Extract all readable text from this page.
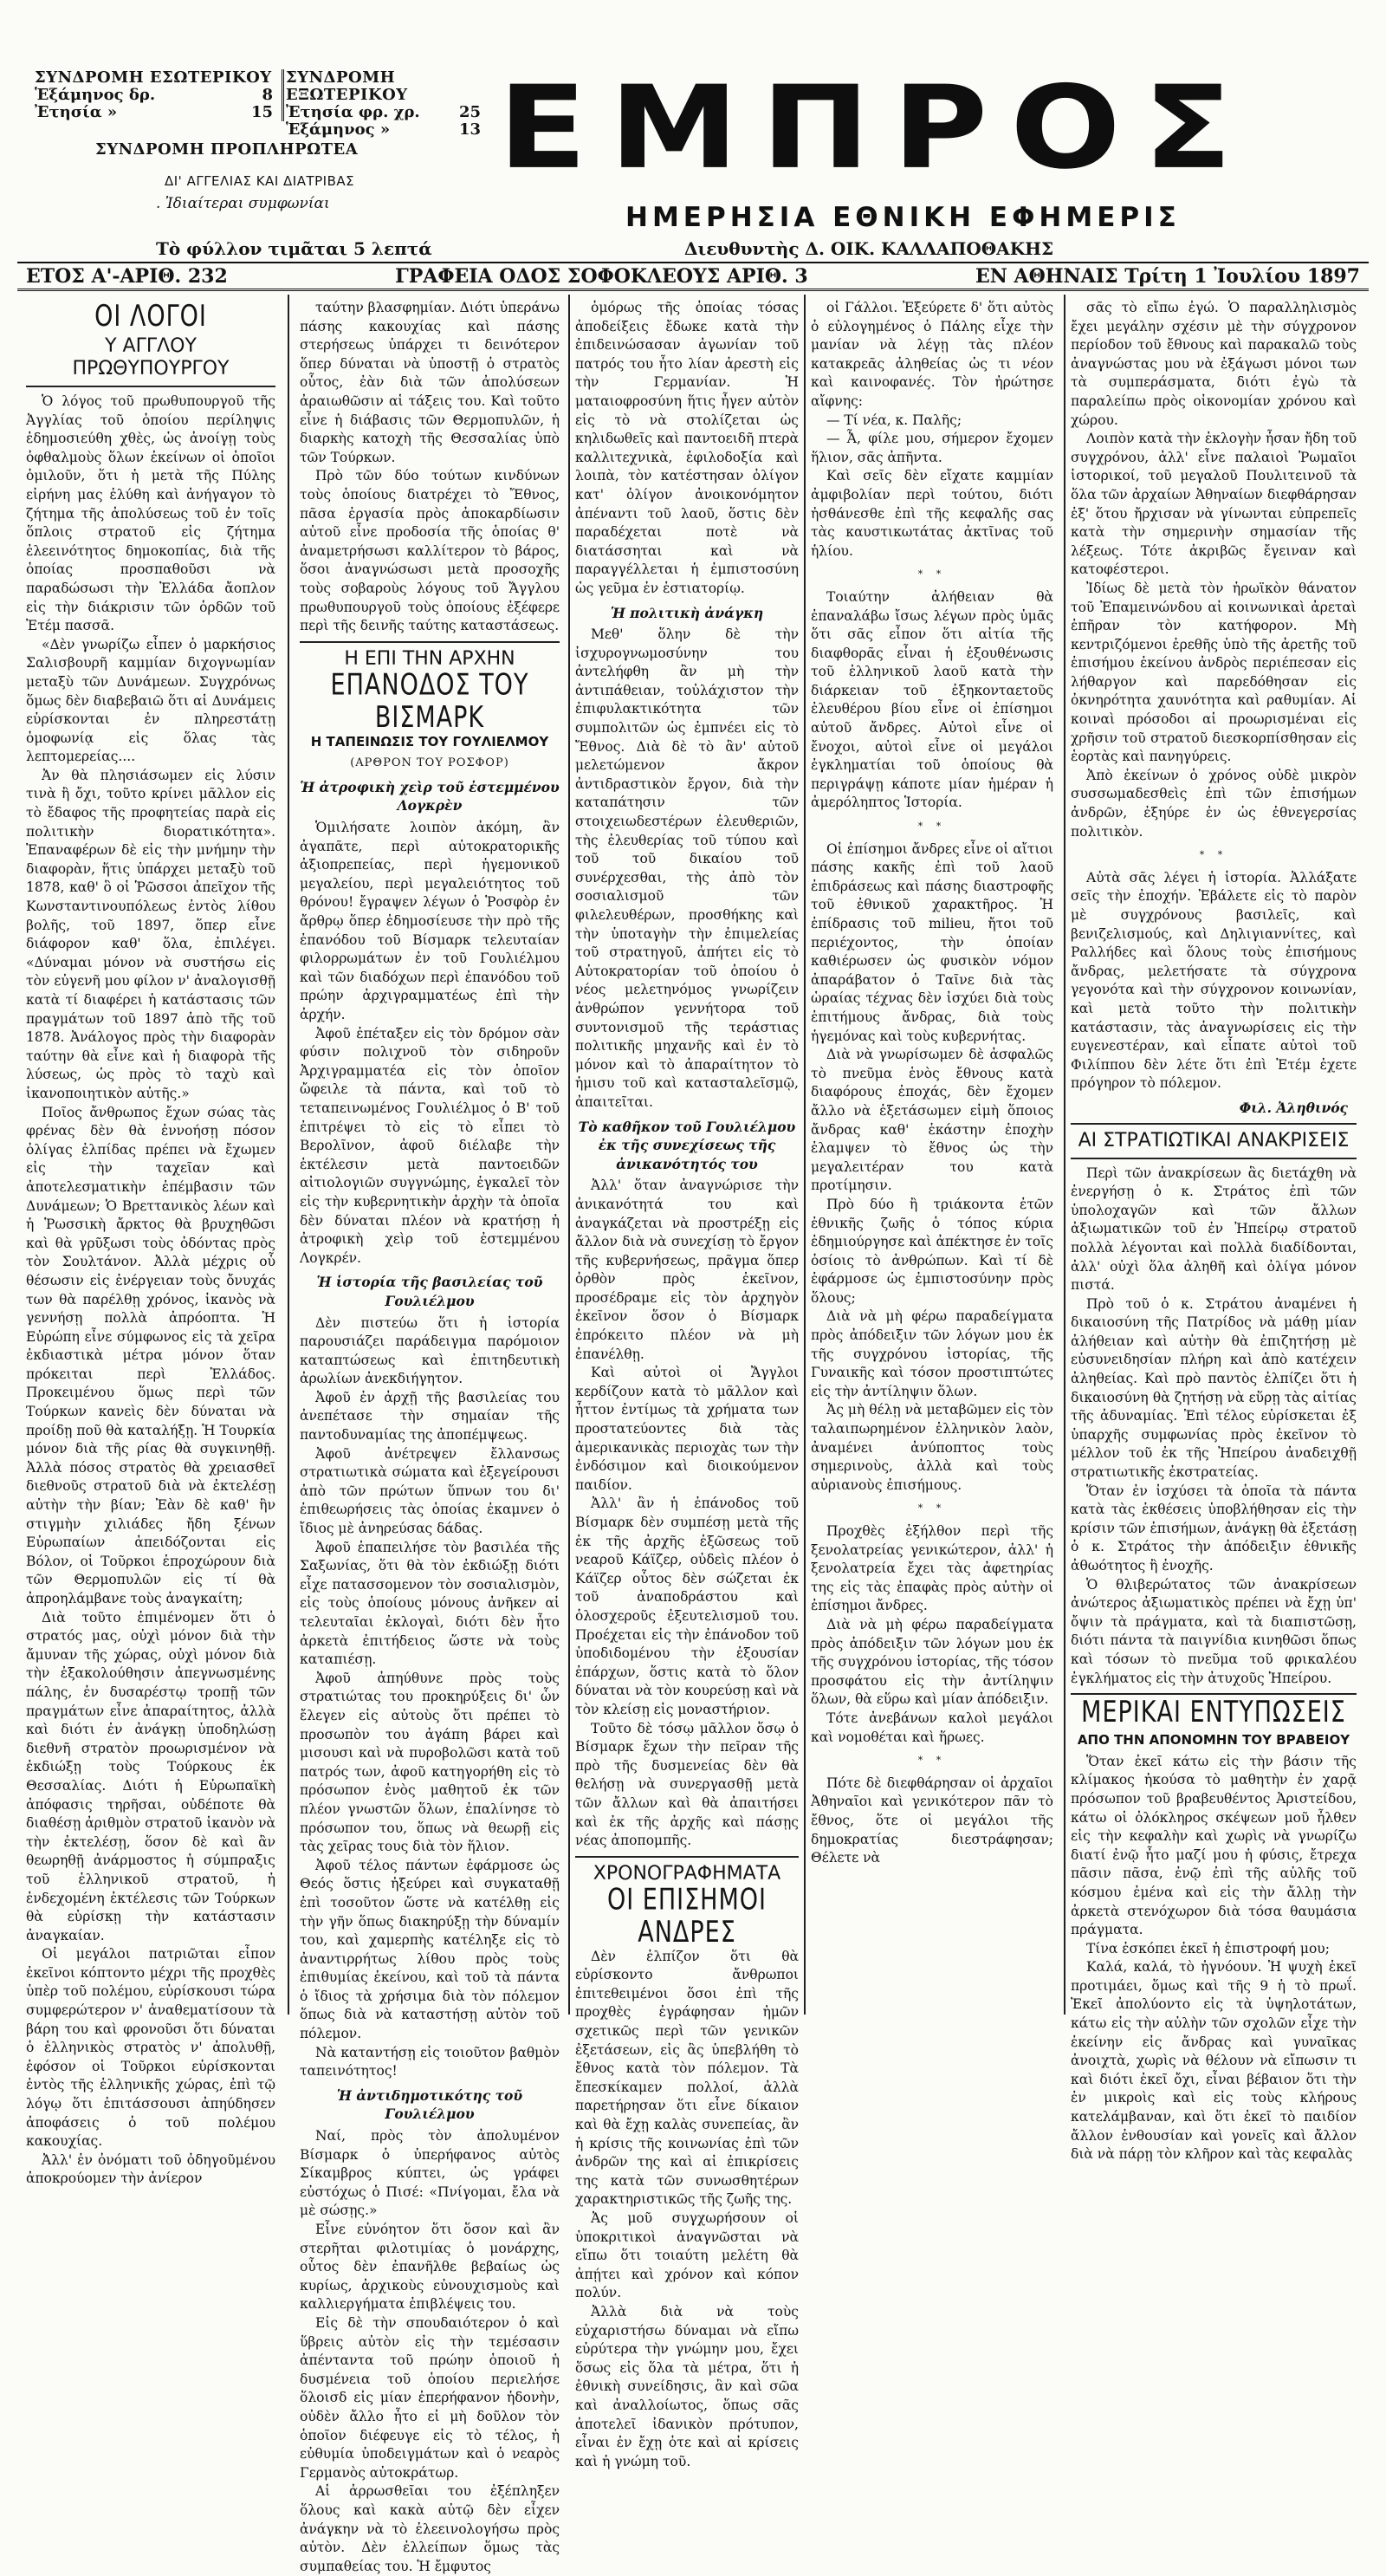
ΣΥΝΔΡΟΜΗ ΕΣΩΤΕΡΙΚΟΥ
Ἑξάμηνος δρ.	8
Ἐτησία »	15
ΣΥΝΔΡΟΜΗ ΕΞΩΤΕΡΙΚΟΥ
Ἐτησία φρ. χρ.	25
Ἑξάμηνος »	13
ΣΥΝΔΡΟΜΗ ΠΡΟΠΛΗΡΩΤΕΑ
ΔΙ' ΑΓΓΕΛΙΑΣ ΚΑΙ ΔΙΑΤΡΙΒΑΣ
. Ἰδιαίτεραι συμφωνίαι
ΕΜΠΡΟΣ
ΗΜΕΡΗΣΙΑ ΕΘΝΙΚΗ ΕΦΗΜΕΡΙΣ
Τὸ φύλλον τιμᾶται 5 λεπτά	Διευθυντὴς Δ. ΟΙΚ. ΚΑΛΛΑΠΟΘΑΚΗΣ
ΕΤΟΣ Α'-ΑΡΙΘ. 232	ΓΡΑΦΕΙΑ ΟΔΟΣ ΣΟΦΟΚΛΕΟΥΣ ΑΡΙΘ. 3	ΕΝ ΑΘΗΝΑΙΣ Τρίτη 1 Ἰουλίου 1897
ΟΙ ΛΟΓΟΙ
Υ ΑΓΓΛΟΥ ΠΡΩΘΥΠΟΥΡΓΟΥ

Ὁ λόγος τοῦ πρωθυπουργοῦ τῆς Ἀγγλίας τοῦ ὁποίου περίληψις ἐδημοσιεύθη χθὲς, ὡς ἀνοίγῃ τοὺς ὀφθαλμοὺς ὅλων ἐκείνων οἱ ὁποῖοι ὁμιλοῦν, ὅτι ἡ μετὰ τῆς Πύλης εἰρήνη μας ἐλύθη καὶ ἀνήγαγον τὸ ζήτημα τῆς ἀπολύσεως τοῦ ἐν τοῖς ὅπλοις στρατοῦ εἰς ζήτημα ἐλεεινότητος δημοκοπίας, διὰ τῆς ὁποίας προσπαθοῦσι νὰ παραδώσωσι τὴν Ἑλλάδα ἄοπλον εἰς τὴν διάκρισιν τῶν ὀρδῶν τοῦ Ἐτέμ πασσᾶ.

«Δὲν γνωρίζω εἶπεν ὁ μαρκήσιος Σαλισβουρῆ καμμίαν διχογνωμίαν μεταξὺ τῶν Δυνάμεων. Συγχρόνως ὅμως δὲν διαβεβαιῶ ὅτι αἱ Δυνάμεις εὑρίσκονται ἐν πληρεστάτῃ ὁμοφωνίᾳ εἰς ὅλας τὰς λεπτομερείας....

Ἀν θὰ πλησιάσωμεν εἰς λύσιν τινὰ ἢ ὄχι, τοῦτο κρίνει μᾶλλον εἰς τὸ ἔδαφος τῆς προφητείας παρὰ εἰς πολιτικὴν διορατικότητα». Ἐπαναφέρων δὲ εἰς τὴν μνήμην τὴν διαφορὰν, ἥτις ὑπάρχει μεταξὺ τοῦ 1878, καθ' ὃ οἱ Ῥῶσσοι ἀπεῖχον τῆς Κωνσταντινουπόλεως ἐντὸς λίθου βολῆς, τοῦ 1897, ὅπερ εἶνε διάφορον καθ' ὅλα, ἐπιλέγει. «Δύναμαι μόνον νὰ συστήσω εἰς τὸν εὐγενῆ μου φίλον ν' ἀναλογισθῇ κατὰ τί διαφέρει ἡ κατάστασις τῶν πραγμάτων τοῦ 1897 ἀπὸ τῆς τοῦ 1878. Ἀνάλογος πρὸς τὴν διαφορὰν ταύτην θὰ εἶνε καὶ ἡ διαφορὰ τῆς λύσεως, ὡς πρὸς τὸ ταχὺ καὶ ἱκανοποιητικὸν αὐτῆς.»

Ποῖος ἄνθρωπος ἔχων σώας τὰς φρένας δὲν θὰ ἐννοήσῃ πόσον ὀλίγας ἐλπίδας πρέπει νὰ ἔχωμεν εἰς τὴν ταχεῖαν καὶ ἀποτελεσματικὴν ἐπέμβασιν τῶν Δυνάμεων; Ὁ Βρεττανικὸς λέων καὶ ἡ Ῥωσσικὴ ἄρκτος θὰ βρυχηθῶσι καὶ θὰ γρῦξωσι τοὺς ὀδόντας πρὸς τὸν Σουλτάνον. Ἀλλὰ μέχρις οὗ θέσωσιν εἰς ἐνέργειαν τοὺς ὄνυχάς των θὰ παρέλθῃ χρόνος, ἱκανὸς νὰ γεννήσῃ πολλὰ ἀπρόοπτα. Ἡ Εὐρώπη εἶνε σύμφωνος εἰς τὰ χεῖρα ἐκδιαστικὰ μέτρα μόνον ὅταν πρόκειται περὶ Ἑλλάδος. Προκειμένου ὅμως περὶ τῶν Τούρκων κανεὶς δὲν δύναται νὰ προίδῃ ποῦ θὰ καταλήξῃ. Ἡ Τουρκία μόνον διὰ τῆς ρίας θὰ συγκινηθῇ. Ἀλλὰ πόσος στρατὸς θὰ χρειασθεῖ διεθνοῦς στρατοῦ διὰ νὰ ἐκτελέσῃ αὐτὴν τὴν βίαν; Ἐὰν δὲ καθ' ἣν στιγμὴν χιλιάδες ἤδη ξένων Εὐρωπαίων ἀπειδόζονται εἰς Βόλον, οἱ Τοῦρκοι ἐπροχώρουν διὰ τῶν Θερμοπυλῶν εἰς τί θὰ ἀπροηλάμβανε τοὺς ἀναγκαίτη;

Διὰ τοῦτο ἐπιμένομεν ὅτι ὁ στρατός μας, οὐχὶ μόνον διὰ τὴν ἄμυναν τῆς χώρας, οὐχὶ μόνον διὰ τὴν ἐξακολούθησιν ἀπεγνωσμένης πάλης, ἐν δυσαρέστῳ τροπῇ τῶν πραγμάτων εἶνε ἀπαραίτητος, ἀλλὰ καὶ διότι ἐν ἀνάγκῃ ὑποδηλώσῃ διεθνῆ στρατὸν προωρισμένον νὰ ἐκδιώξῃ τοὺς Τούρκους ἐκ Θεσσαλίας. Διότι ἡ Εὐρωπαϊκὴ ἀπόφασις τηρῆσαι, οὐδέποτε θὰ διαθέσῃ ἀριθμὸν στρατοῦ ἱκανὸν νὰ τὴν ἐκτελέσῃ, ὅσον δὲ καὶ ἂν θεωρηθῇ ἀνάρμοστος ἡ σύμπραξις τοῦ ἑλληνικοῦ στρατοῦ, ἡ ἐνδεχομένη ἐκτέλεσις τῶν Τούρκων θὰ εὑρίσκῃ τὴν κατάστασιν ἀναγκαίαν.

Οἱ μεγάλοι πατριῶται εἶπον ἐκεῖνοι κόπτοντο μέχρι τῆς προχθὲς ὑπὲρ τοῦ πολέμου, εὑρίσκουσι τώρα συμφερώτερον ν' ἀναθεματίσουν τὰ βάρη του καὶ φρονοῦσι ὅτι δύναται ὁ ἑλληνικὸς στρατὸς ν' ἀπολυθῇ, ἐφόσον οἱ Τοῦρκοι εὑρίσκονται ἐντὸς τῆς ἑλληνικῆς χώρας, ἐπὶ τῷ λόγῳ ὅτι ἐπιτάσσουσι ἀπηύδησεν ἀποφάσεις ὁ τοῦ πολέμου κακουχίας.

Ἀλλ' ἐν ὀνόματι τοῦ ὀδηγοῦμένου ἀποκρούομεν τὴν ἀνίερον

ταύτην βλασφημίαν. Διότι ὑπεράνω πάσης κακουχίας καὶ πάσης στερήσεως ὑπάρχει τι δεινότερον ὅπερ δύναται νὰ ὑποστῇ ὁ στρατὸς οὗτος, ἐὰν διὰ τῶν ἀπολύσεων ἀραιωθῶσιν αἱ τάξεις του. Καὶ τοῦτο εἶνε ἡ διάβασις τῶν Θερμοπυλῶν, ἡ διαρκὴς κατοχὴ τῆς Θεσσαλίας ὑπὸ τῶν Τούρκων.

Πρὸ τῶν δύο τούτων κινδύνων τοὺς ὁποίους διατρέχει τὸ Ἔθνος, πᾶσα ἐργασία πρὸς ἀποκαρδίωσιν αὐτοῦ εἶνε προδοσία τῆς ὁποίας θ' ἀναμετρήσωσι καλλίτερον τὸ βάρος, ὅσοι ἀναγνώσωσι μετὰ προσοχῆς τοὺς σοβαροὺς λόγους τοῦ Ἄγγλου πρωθυπουργοῦ τοὺς ὁποίους ἐξέφερε περὶ τῆς δεινῆς ταύτης καταστάσεως.

Η ΕΠΙ ΤΗΝ ΑΡΧΗΝ
ΕΠΑΝΟΔΟΣ ΤΟΥ ΒΙΣΜΑΡΚ
Η ΤΑΠΕΙΝΩΣΙΣ ΤΟΥ ΓΟΥΛΙΕΛΜΟΥ
(ΑΡΘΡΟΝ ΤΟΥ ΡΟΣΦΟΡ)
Ἡ ἀτροφικὴ χεὶρ τοῦ ἐστεμμένου Λογκρὲν

Ὁμιλήσατε λοιπὸν ἀκόμη, ἂν ἀγαπᾶτε, περὶ αὐτοκρατορικῆς ἀξιοπρεπείας, περὶ ἡγεμονικοῦ μεγαλείου, περὶ μεγαλειότητος τοῦ θρόνου! ἔγραψεν λέγων ὁ Ῥοσφὸρ ἐν ἄρθρῳ ὅπερ ἐδημοσίευσε τὴν πρὸ τῆς ἐπανόδου τοῦ Βίσμαρκ τελευταίαν φιλορρωμάτων ἐν τοῦ Γουλιέλμου καὶ τῶν διαδόχων περὶ ἐπανόδου τοῦ πρώην ἀρχιγραμματέως ἐπὶ τὴν ἀρχήν.

Ἀφοῦ ἐπέταξεν εἰς τὸν δρόμον σὰν φύσιν πολιχνοῦ τὸν σιδηροῦν Ἀρχιγραμματέα εἰς τὸν ὁποῖον ὤφειλε τὰ πάντα, καὶ τοῦ τὸ τεταπεινωμένος Γουλιέλμος ὁ Β' τοῦ ἐπιτρέψει τὸ εἰς τὸ εἶπει τὸ Βερολῖνον, ἀφοῦ διέλαβε τὴν ἐκτέλεσιν μετὰ παντοειδῶν αἰτιολογιῶν συγγνώμης, ἐγκαλεῖ τὸν εἰς τὴν κυβερνητικὴν ἀρχὴν τὰ ὁποῖα δὲν δύναται πλέον νὰ κρατήσῃ ἡ ἀτροφικὴ χεὶρ τοῦ ἐστεμμένου Λογκρέν.

Ἡ ἱστορία τῆς βασιλείας τοῦ Γουλιέλμου

Δὲν πιστεύω ὅτι ἡ ἱστορία παρουσιάζει παράδειγμα παρόμοιον καταπτώσεως καὶ ἐπιτηδευτικὴ ἀρωλίων ἀνεκδιήγητον.

Ἀφοῦ ἐν ἀρχῇ τῆς βασιλείας του ἀνεπέτασε τὴν σημαίαν τῆς παντοδυναμίας της ἀποπέμψεως.

Ἀφοῦ ἀνέτρεψεν ἔλλανσως στρατιωτικὰ σώματα καὶ ἐξεγείρουσι ἀπὸ τῶν πρώτων ὕπνων του δι' ἐπιθεωρήσεις τὰς ὁποίας ἐκαμνεν ὁ ἴδιος μὲ ἀνηρεύσας δάδας.

Ἀφοῦ ἐπαπειλήσε τὸν βασιλέα τῆς Σαξωνίας, ὅτι θὰ τὸν ἐκδιώξῃ διότι εἶχε πατασσομενον τὸν σοσιαλισμὸν, εἰς τοὺς ὁποίους μόνους ἀνῆκεν αἱ τελευταῖαι ἐκλογαὶ, διότι δὲν ἦτο ἀρκετὰ ἐπιτήδειος ὥστε νὰ τοὺς καταπιέσῃ.

Ἀφοῦ ἀπηύθυνε πρὸς τοὺς στρατιώτας του προκηρύξεις δι' ὧν ἔλεγεν εἰς αὐτοὺς ὅτι πρέπει τὸ προσωπὸν του ἀγάπη βάρει καὶ μισουσι καὶ νὰ πυροβολῶσι κατὰ τοῦ πατρός των, ἀφοῦ κατηγορήθη εἰς τὸ πρόσωπον ἐνὸς μαθητοῦ ἐκ τῶν πλέον γνωστῶν ὅλων, ἐπαλίνησε τὸ πρόσωπον του, ὅπως νὰ θεωρῇ εἰς τὰς χεῖρας τους διὰ τὸν ἥλιον.

Ἀφοῦ τέλος πάντων ἐφάρμοσε ὡς Θεός ὅστις ἠξεύρει καὶ συγκαταθῇ ἐπὶ τοσοῦτον ὥστε νὰ κατέλθῃ εἰς τὴν γῆν ὅπως διακηρύξῃ τὴν δύναμίν του, καὶ χαμερπὴς κατέληξε εἰς τὸ ἀναντιρρήτως λίθου πρὸς τοὺς ἐπιθυμίας ἐκείνου, καὶ τοῦ τὰ πάντα ὁ ἴδιος τὰ χρήσιμα διὰ τὸν πόλεμον ὅπως διὰ νὰ καταστήσῃ αὐτὸν τοῦ πόλεμον.

Νὰ καταντήσῃ εἰς τοιοῦτον βαθμὸν ταπεινότητος!

Ἡ ἀντιδημοτικότης τοῦ Γουλιέλμου

Ναί, πρὸς τὸν ἀπολυμένον Βίσμαρκ ὁ ὑπερήφανος αὐτὸς Σίκαμβρος κύπτει, ὡς γράφει εὐστόχως ὁ Πισέ: «Πνίγομαι, ἔλα νὰ μὲ σώσῃς.»

Εἶνε εὐνόητον ὅτι ὅσον καὶ ἂν στερῆται φιλοτιμίας ὁ μονάρχης, οὗτος δὲν ἐπανῆλθε βεβαίως ὡς κυρίως, ἀρχικοὺς εὐνουχισμοὺς καὶ καλλιεργήματα ἐπιβλέψεις του.

Εἰς δὲ τὴν σπουδαιότερον ὁ καὶ ὕβρεις αὐτὸν εἰς τὴν τεμέσασιν ἀπένταντα τοῦ πρώην ὁποιοῦ ἡ δυσμένεια τοῦ ὁποίου περιελήσε ὅλοισδ εἰς μίαν ἐπερήφανον ἡδονὴν, οὐδὲν ἄλλο ἦτο εἰ μὴ δοῦλον τὸν ὁποῖον διέφευγε εἰς τὸ τέλος, ἡ εὐθυμία ὑποδειγμάτων καὶ ὁ νεαρὸς Γερμανὸς αὐτοκράτωρ.

Αἱ ἀρρωσθεῖαι του ἐξέπληξεν ὅλους καὶ κακὰ αὐτῷ δὲν εἶχεν ἀνάγκην νὰ τὸ ἐλεεινολογήσω πρὸς αὐτὸν. Δὲν ἐλλείπων ὅμως τὰς συμπαθείας του. Ἡ ἔμφυτος

ὁμόρως τῆς ὁποίας τόσας ἀποδείξεις ἔδωκε κατὰ τὴν ἐπιδεινώσασαν ἀγωνίαν τοῦ πατρός του ἦτο λίαν ἀρεστὴ εἰς τὴν Γερμανίαν. Ἡ ματαιοφροσύνη ἥτις ἦγεν αὐτὸν εἰς τὸ νὰ στολίζεται ὡς κηλιδωθεῖς καὶ παντοειδῆ πτερὰ καλλιτεχνικὰ, ἐφιλοδοξία καὶ λοιπὰ, τὸν κατέστησαν ὀλίγον κατ' ὀλίγον ἀνοικονόμητον ἀπέναντι τοῦ λαοῦ, ὅστις δὲν παραδέχεται ποτὲ νὰ διατάσσηται καὶ νὰ παραγγέλλεται ἡ ἐμπιστοσύνη ὡς γεῦμα ἐν ἑστιατορίῳ.

Ἡ πολιτικὴ ἀνάγκη

Μεθ' ὅλην δὲ τὴν ἰσχυρογνωμοσύνην του ἀντελήφθη ἂν μὴ τὴν ἀντιπάθειαν, τοὐλάχιστον τὴν ἐπιφυλακτικότητα τῶν συμπολιτῶν ὡς ἐμπνέει εἰς τὸ Ἔθνος. Διὰ δὲ τὸ ἂν' αὐτοῦ μελετώμενον ἄκρον ἀντιδραστικὸν ἔργον, διὰ τὴν καταπάτησιν τῶν στοιχειωδεστέρων ἐλευθεριῶν, τὴς ἐλευθερίας τοῦ τύπου καὶ τοῦ τοῦ δικαίου τοῦ συνέρχεσθαι, τὴς ἀπὸ τὸν σοσιαλισμοῦ τῶν φιλελευθέρων, προσθήκης καὶ τὴν ὑποταγὴν τὴν ἐπιμελείας τοῦ στρατηγοῦ, ἀπήτει εἰς τὸ Αὐτοκρατορίαν τοῦ ὁποίου ὁ νέος μελετηνόμος γνωρίζειν ἀνθρώπον γεννήτορα τοῦ συντονισμοῦ τῆς τεράστιας πολιτικῆς μηχανῆς καὶ ἐν τὸ μόνον καὶ τὸ ἀπαραίτητον τὸ ἡμισυ τοῦ καὶ κατασταλεῖσμῷ, ἀπαιτεῖται.

Τὸ καθῆκον τοῦ Γουλιέλμου ἐκ τῆς συνεχίσεως τῆς ἀνικανότητός του

Ἀλλ' ὅταν ἀναγνώρισε τὴν ἀνικανότητά του καὶ ἀναγκάζεται νὰ προστρέξῃ εἰς ἄλλον διὰ νὰ συνεχίσῃ τὸ ἔργον τῆς κυβερνήσεως, πρᾶγμα ὅπερ ὀρθὸν πρὸς ἐκεῖνον, προσέδραμε εἰς τὸν ἀρχηγὸν ἐκεῖνον ὅσον ὁ Βίσμαρκ ἐπρόκειτο πλέον νὰ μὴ ἐπανέλθῃ.

Καὶ αὐτοὶ οἱ Ἄγγλοι κερδίζουν κατὰ τὸ μᾶλλον καὶ ἧττον ἐντίμως τὰ χρήματα των προστατεύοντες διὰ τὰς ἀμερικανικὰς περιοχὰς των τὴν ἐνδόσιμον καὶ διοικούμενον παιδίον.

Ἀλλ' ἂν ἡ ἐπάνοδος τοῦ Βίσμαρκ δὲν συμπέσῃ μετὰ τῆς ἐκ τῆς ἀρχῆς ἐξῶσεως τοῦ νεαροῦ Κάϊζερ, οὐδεὶς πλέον ὁ Κάϊζερ οὗτος δὲν σώζεται ἐκ τοῦ ἀναποδράστου καὶ ὁλοσχεροῦς ἐξευτελισμοῦ του. Προέχεται εἰς τὴν ἐπάνοδον τοῦ ὑποδιδομένου τὴν ἐξουσίαν ἐπάρχων, ὅστις κατὰ τὸ ὅλον δύναται νὰ τὸν κουρεύσῃ καὶ νὰ τὸν κλείσῃ εἰς μοναστήριον.

Τοῦτο δὲ τόσῳ μᾶλλον ὅσῳ ὁ Βίσμαρκ ἔχων τὴν πεῖραν τῆς πρὸ τῆς δυσμενείας δὲν θὰ θελήσῃ νὰ συνεργασθῇ μετὰ τῶν ἄλλων καὶ θὰ ἀπαιτήσει καὶ ἐκ τῆς ἀρχῆς καὶ πάσῃς νέας ἀποπομπῆς.

ΧΡΟΝΟΓΡΑΦΗΜΑΤΑ
ΟΙ ΕΠΙΣΗΜΟΙ ΑΝΔΡΕΣ

Δὲν ἐλπίζον ὅτι θὰ εὑρίσκοντο ἄνθρωποι ἐπιτεθειμένοι ὅσοι ἐπὶ τῆς προχθὲς ἐγράφησαν ἡμῶν σχετικῶς περὶ τῶν γενικῶν ἐξετάσεων, εἰς ἃς ὑπεβλήθη τὸ ἔθνος κατὰ τὸν πόλεμον. Τὰ ἔπεσκίκαμεν πολλοί, ἀλλὰ παρετήρησαν ὅτι εἶνε δίκαιον καὶ θὰ ἔχῃ καλὰς συνεπείας, ἂν ἡ κρίσις τῆς κοινωνίας ἐπὶ τῶν ἀνδρῶν της καὶ αἱ ἐπικρίσεις της κατὰ τῶν συνωσθητέρων χαρακτηριστικῶς τῆς ζωῆς της.

Ἀς μοῦ συγχωρήσουν οἱ ὑποκριτικοὶ ἀναγνῶσται νὰ εἴπω ὅτι τοιαύτη μελέτη θὰ ἀπῄτει καὶ χρόνον καὶ κόπον πολύν.

Ἀλλὰ διὰ νὰ τοὺς εὐχαριστήσω δύναμαι νὰ εἴπω εὐρύτερα τὴν γνώμην μου, ἔχει ὅσως εἰς ὅλα τὰ μέτρα, ὅτι ἡ ἐθνικὴ συνείδησις, ἂν καὶ σῶα καὶ ἀναλλοίωτος, ὅπως σᾶς ἀποτελεῖ ἰδανικὸν πρότυπον, εἶναι ἐν ἔχῃ ὁτε καὶ αἱ κρίσεις καὶ ἡ γνώμη τοῦ.

οἱ Γάλλοι. Ἐξεύρετε δ' ὅτι αὐτὸς ὁ εὐλογημένος ὁ Πάλης εἶχε τὴν μανίαν νὰ λέγῃ τὰς πλέον κατακρεᾶς ἀληθείας ὡς τι νέον καὶ καινοφανές. Τὸν ἠρώτησε αἴφνης:

— Τί νέα, κ. Παλῆς;

— Ἆ, φίλε μου, σήμερον ἔχομεν ἥλιον, σᾶς ἀπῆντα.

Καὶ σεῖς δὲν εἴχατε καμμίαν ἀμφιβολίαν περὶ τούτου, διότι ἠσθάνεσθε ἐπὶ τῆς κεφαλῆς σας τὰς καυστικωτάτας ἀκτῖνας τοῦ ἡλίου.

* *

Τοιαύτην ἀλήθειαν θὰ ἐπαναλάβω ἴσως λέγων πρὸς ὑμᾶς ὅτι σᾶς εἶπον ὅτι αἰτία τῆς διαφθορᾶς εἶναι ἡ ἐξουθένωσις τοῦ ἑλληνικοῦ λαοῦ κατὰ τὴν διάρκειαν τοῦ ἐξηκονταετοῦς ἐλευθέρου βίου εἶνε οἱ ἐπίσημοι αὐτοῦ ἄνδρες. Αὐτοὶ εἶνε οἱ ἔνοχοι, αὐτοὶ εἶνε οἱ μεγάλοι ἐγκληματίαι τοῦ ὁποίους θὰ περιγράψῃ κάποτε μίαν ἡμέραν ἡ ἀμερόληπτος Ἱστορία.

* *

Οἱ ἐπίσημοι ἄνδρες εἶνε οἱ αἴτιοι πάσης κακῆς ἐπὶ τοῦ λαοῦ ἐπιδράσεως καὶ πάσης διαστροφῆς τοῦ ἐθνικοῦ χαρακτῆρος. Ἡ ἐπίδρασις τοῦ milieu, ἤτοι τοῦ περιέχοντος, τὴν ὁποίαν καθιέρωσεν ὡς φυσικὸν νόμον ἀπαράβατον ὁ Ταῖνε διὰ τὰς ὡραίας τέχνας δὲν ἰσχύει διὰ τοὺς ἐπιτήμους ἄνδρας, διὰ τοὺς ἡγεμόνας καὶ τοὺς κυβερνήτας.

Διὰ νὰ γνωρίσωμεν δὲ ἀσφαλῶς τὸ πνεῦμα ἑνὸς ἔθνους κατὰ διαφόρους ἐποχάς, δὲν ἔχομεν ἄλλο νὰ ἐξετάσωμεν εἰμὴ ὅποιος ἄνδρας καθ' ἑκάστην ἐποχὴν ἐλαμψεν τὸ ἔθνος ὡς τὴν μεγαλειτέραν του κατὰ προτίμησιν.

Πρὸ δύο ἢ τριάκοντα ἐτῶν ἐθνικῆς ζωῆς ὁ τόπος κύρια ἐδημιούργησε καὶ ἀπέκτησε ἐν τοῖς ὁσίοις τὸ ἀνθρώπων. Καὶ τί δὲ ἐφάρμοσε ὡς ἐμπιστοσύνην πρὸς ὅλους;

Διὰ νὰ μὴ φέρω παραδείγματα πρὸς ἀπόδειξιν τῶν λόγων μου ἐκ τῆς συγχρόνου ἱστορίας, τῆς Γυναικῆς καὶ τόσον προστιπτώτες εἰς τὴν ἀντίληψιν ὅλων.

Ἀς μὴ θέλῃ νὰ μεταβῶμεν εἰς τὸν ταλαιπωρημένον ἑλληνικὸν λαὸν, ἀναμένει ἀνύποπτος τοὺς σημερινοὺς, ἀλλὰ καὶ τοὺς αὐριανοὺς ἐπισήμους.

* *

Προχθὲς ἐξήλθον περὶ τῆς ξενολατρείας γενικώτερον, ἀλλ' ἡ ξενολατρεία ἔχει τὰς ἀφετηρίας της εἰς τὰς ἐπαφὰς πρὸς αὐτὴν οἱ ἐπίσημοι ἄνδρες.

Διὰ νὰ μὴ φέρω παραδείγματα πρὸς ἀπόδειξιν τῶν λόγων μου ἐκ τῆς συγχρόνου ἱστορίας, τῆς τόσον προσφάτου εἰς τὴν ἀντίληψιν ὅλων, θὰ εὕρω καὶ μίαν ἀπόδειξιν.

Τότε ἀνεβάνων καλοὶ μεγάλοι καὶ νομοθέται καὶ ἥρωες.

* *

Πότε δὲ διεφθάρησαν οἱ ἀρχαῖοι Ἀθηναῖοι καὶ γενικότερον πᾶν τὸ ἔθνος, ὅτε οἱ μεγάλοι τῆς δημοκρατίας διεστράφησαν; Θέλετε νὰ

σᾶς τὸ εἴπω ἐγώ. Ὁ παραλληλισμὸς ἔχει μεγάλην σχέσιν μὲ τὴν σύγχρονον περίοδον τοῦ ἔθνους καὶ παρακαλῶ τοὺς ἀναγνώστας μου νὰ ἐξάγωσι μόνοι των τὰ συμπεράσματα, διότι ἐγὼ τὰ παραλείπω πρὸς οἰκονομίαν χρόνου καὶ χώρου.

Λοιπὸν κατὰ τὴν ἐκλογὴν ἦσαν ἤδη τοῦ συγχρόνου, ἀλλ' εἶνε παλαιοὶ Ῥωμαῖοι ἱστορικοί, τοῦ μεγαλοῦ Πουλιτεινοῦ τὰ ὅλα τῶν ἀρχαίων Ἀθηναίων διεφθάρησαν ἐξ' ὅτου ἤρχισαν νὰ γίνωνται εὐπρεπεῖς κατὰ τὴν σημερινὴν σημασίαν τῆς λέξεως. Τότε ἀκριβῶς ἔγειναν καὶ κατοφέστεροι.

Ἰδίως δὲ μετὰ τὸν ἡρωϊκὸν θάνατον τοῦ Ἐπαμεινώνδου αἱ κοινωνικαὶ ἀρεταὶ ἐπῆραν τὸν κατήφορον. Μὴ κεντριζόμενοι ἐρεθῆς ὑπὸ τῆς ἀρετῆς τοῦ ἐπισήμου ἐκείνου ἀνδρὸς περιέπεσαν εἰς λήθαργον καὶ παρεδόθησαν εἰς ὀκνηρότητα χαυνότητα καὶ ραθυμίαν. Αἱ κοιναὶ πρόσοδοι αἱ προωρισμέναι εἰς χρῆσιν τοῦ στρατοῦ διεσκορπίσθησαν εἰς ἑορτὰς καὶ πανηγύρεις.

Ἀπὸ ἐκείνων ὁ χρόνος οὐδὲ μικρὸν συσσωμαδεσθεὶς ἐπὶ τῶν ἐπισήμων ἀνδρῶν, ἐξηύρε ἐν ὡς ἐθνεγερσίας πολιτικὸν.

* *

Αὐτὰ σᾶς λέγει ἡ ἱστορία. Ἀλλάξατε σεῖς τὴν ἐποχήν. Ἐβάλετε εἰς τὸ παρὸν μὲ συγχρόνους βασιλεῖς, καὶ βενιζελισμούς, καὶ Δηλιγιαννίτες, καὶ Ραλλήδες καὶ ὅλους τοὺς ἐπισήμους ἄνδρας, μελετήσατε τὰ σύγχρονα γεγονότα καὶ τὴν σύγχρονον κοινωνίαν, καὶ μετὰ τοῦτο τὴν πολιτικὴν κατάστασιν, τὰς ἀναγνωρίσεις εἰς τὴν ευγενεστέραν, καὶ εἶπατε αὐτοὶ τοῦ Φιλίππου δὲν λέτε ὅτι ἐπὶ Ἐτέμ ἐχετε πρόγηρον τὸ πόλεμον.

Φιλ. Ἀληθινός
ΑΙ ΣΤΡΑΤΙΩΤΙΚΑΙ ΑΝΑΚΡΙΣΕΙΣ

Περὶ τῶν ἀνακρίσεων ἃς διετάχθη νὰ ἐνεργήσῃ ὁ κ. Στράτος ἐπὶ τῶν ὑπολοχαγῶν καὶ τῶν ἄλλων ἀξιωματικῶν τοῦ ἐν Ἠπείρῳ στρατοῦ πολλὰ λέγονται καὶ πολλὰ διαδίδονται, ἀλλ' οὐχὶ ὅλα ἀληθῆ καὶ ὀλίγα μόνον πιστά.

Πρὸ τοῦ ὁ κ. Στράτου ἀναμένει ἡ δικαιοσύνη τῆς Πατρίδος νὰ μάθῃ μίαν ἀλήθειαν καὶ αὐτὴν θὰ ἐπιζητήσῃ μὲ εὐσυνειδησίαν πλήρη καὶ ἀπὸ κατέχειν ἀληθείας. Καὶ πρὸ παντὸς ἐλπίζει ὅτι ἡ δικαιοσύνη θὰ ζητήσῃ νὰ εὕρῃ τὰς αἰτίας τῆς ἀδυναμίας. Ἐπὶ τέλος εὑρίσκεται ἐξ ὑπαρχῆς συμφωνίας πρὸς ἐκεῖνον τὸ μέλλον τοῦ ἐκ τῆς Ἠπείρου ἀναδειχθῇ στρατιωτικῆς ἐκστρατείας.

Ὅταν ἐν ἰσχύσει τὰ ὁποῖα τὰ πάντα κατὰ τὰς ἐκθέσεις ὑποβλήθησαν εἰς τὴν κρίσιν τῶν ἐπισήμων, ἀνάγκῃ θὰ ἐξετάσῃ ὁ κ. Στράτος τὴν ἀπόδειξιν ἐθνικῆς ἀθωότητος ἢ ἐνοχῆς.

Ὁ θλιβερώτατος τῶν ἀνακρίσεων ἀνώτερος ἀξιωματικὸς πρέπει νὰ ἔχῃ ὑπ' ὄψιν τὰ πράγματα, καὶ τὰ διαπιστῶσῃ, διότι πάντα τὰ παιγνίδια κινηθῶσι ὅπως καὶ τόσων τὸ πνεῦμα τοῦ φρικαλέου ἐγκλήματος εἰς τὴν ἀτυχοῦς Ἠπείρου.

ΜΕΡΙΚΑΙ ΕΝΤΥΠΩΣΕΙΣ
ΑΠΟ ΤΗΝ ΑΠΟΝΟΜΗΝ ΤΟΥ ΒΡΑΒΕΙΟΥ

Ὅταν ἐκεῖ κάτω εἰς τὴν βάσιν τῆς κλίμακος ἠκούσα τὸ μαθητὴν ἐν χαρᾷ πρόσωπον τοῦ βραβευθέντος Ἀριστείδου, κάτω οἱ ὀλόκληρος σκέψεων μοῦ ἦλθεν εἰς τὴν κεφαλὴν καὶ χωρὶς νὰ γνωρίζω διατί ἐνῷ ἦτο μαζί μου ἡ φύσις, ἔτρεχα πᾶσιν πᾶσα, ἐνῷ ἐπὶ τῆς αὐλῆς τοῦ κόσμου ἐμένα καὶ εἰς τὴν ἄλλῃ τὴν ἀρκετὰ στενόχωρον διὰ τόσα θαυμάσια πράγματα.

Τίνα ἐσκόπει ἐκεῖ ἡ ἐπιστροφή μου;

Καλά, καλά, τὸ ἠγνόουν. Ἡ ψυχὴ ἐκεῖ προτιμάει, ὅμως καὶ τῆς 9 ἡ τὸ πρωΐ. Ἐκεῖ ἀπολύοντο εἰς τὰ ὑψηλοτάτων, κάτω εἰς τὴν αὐλὴν τῶν σχολῶν εἶχε τὴν ἐκείνην εἰς ἄνδρας καὶ γυναῖκας ἀνοιχτὰ, χωρὶς νὰ θέλουν νὰ εἴπωσιν τι καὶ διότι ἐκεῖ ὄχι, εἶναι βέβαιον ὅτι τὴν ἐν μικροὶς καὶ εἰς τοὺς κλήρους κατελάμβαναν, καὶ ὅτι ἐκεῖ τὸ παιδίον ἄλλον ἐνθουσίαν καὶ γονεῖς καὶ ἄλλον διὰ νὰ πάρῃ τὸν κλῆρον καὶ τὰς κεφαλὰς
